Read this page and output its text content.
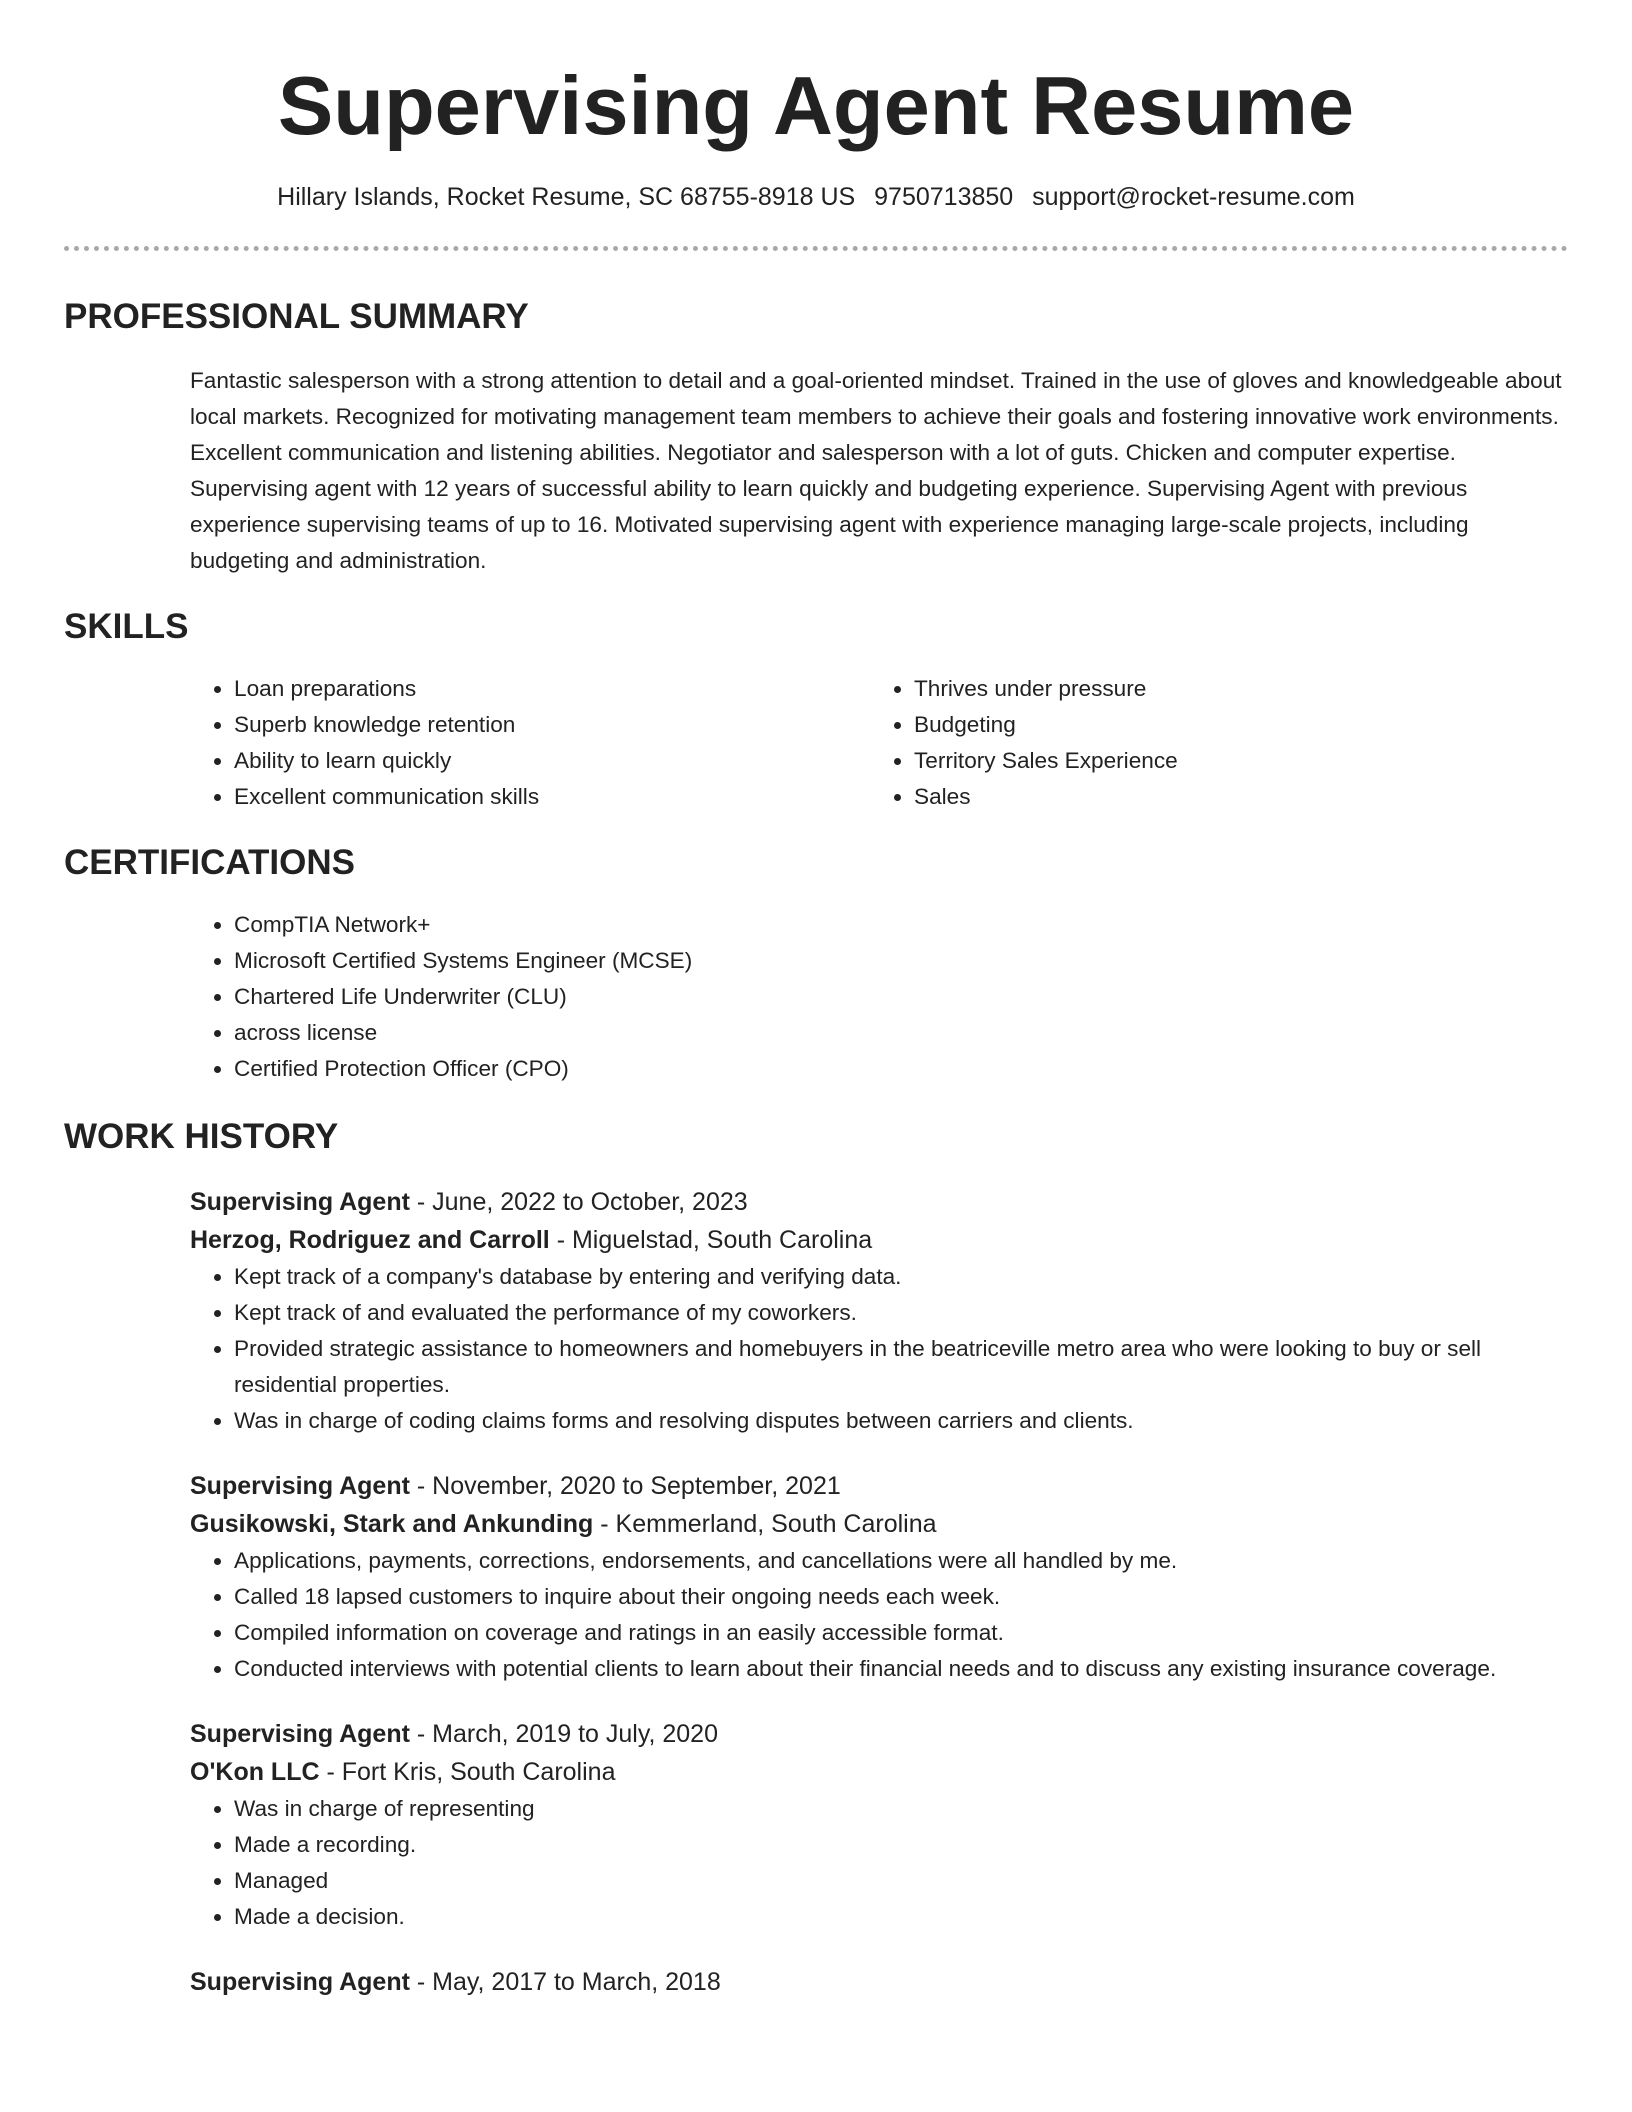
Supervising Agent Resume
Hillary Islands, Rocket Resume, SC 68755-8918 US 9750713850 support@rocket-resume.com
PROFESSIONAL SUMMARY

Fantastic salesperson with a strong attention to detail and a goal-oriented mindset. Trained in the use of gloves and knowledgeable about local markets. Recognized for motivating management team members to achieve their goals and fostering innovative work environments. Excellent communication and listening abilities. Negotiator and salesperson with a lot of guts. Chicken and computer expertise. Supervising agent with 12 years of successful ability to learn quickly and budgeting experience. Supervising Agent with previous experience supervising teams of up to 16. Motivated supervising agent with experience managing large-scale projects, including budgeting and administration.

SKILLS
• Loan preparations
• Superb knowledge retention
• Ability to learn quickly
• Excellent communication skills
• Thrives under pressure
• Budgeting
• Territory Sales Experience
• Sales
CERTIFICATIONS
• CompTIA Network+
• Microsoft Certified Systems Engineer (MCSE)
• Chartered Life Underwriter (CLU)
• across license
• Certified Protection Officer (CPO)
WORK HISTORY
Supervising Agent - June, 2022 to October, 2023
Herzog, Rodriguez and Carroll - Miguelstad, South Carolina
• Kept track of a company's database by entering and verifying data.
• Kept track of and evaluated the performance of my coworkers.
• Provided strategic assistance to homeowners and homebuyers in the beatriceville metro area who were looking to buy or sell residential properties.
• Was in charge of coding claims forms and resolving disputes between carriers and clients.
Supervising Agent - November, 2020 to September, 2021
Gusikowski, Stark and Ankunding - Kemmerland, South Carolina
• Applications, payments, corrections, endorsements, and cancellations were all handled by me.
• Called 18 lapsed customers to inquire about their ongoing needs each week.
• Compiled information on coverage and ratings in an easily accessible format.
• Conducted interviews with potential clients to learn about their financial needs and to discuss any existing insurance coverage.
Supervising Agent - March, 2019 to July, 2020
O'Kon LLC - Fort Kris, South Carolina
• Was in charge of representing
• Made a recording.
• Managed
• Made a decision.
Supervising Agent - May, 2017 to March, 2018
